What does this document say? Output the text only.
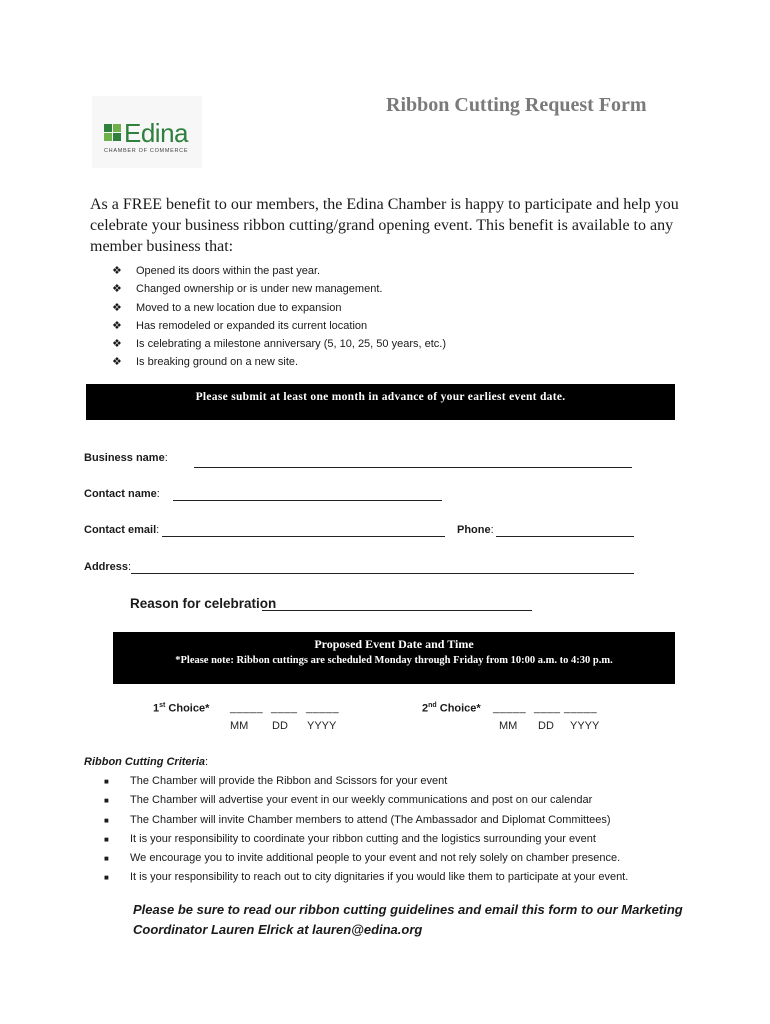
Edina
CHAMBER OF COMMERCE
Ribbon Cutting Request Form
As a FREE benefit to our members, the Edina Chamber is happy to participate and help you celebrate your business ribbon cutting/grand opening event. This benefit is available to any member business that:
❖	Opened its doors within the past year.
❖	Changed ownership or is under new management.
❖	Moved to a new location due to expansion
❖	Has remodeled or expanded its current location
❖	Is celebrating a milestone anniversary (5, 10, 25, 50 years, etc.)
❖	Is breaking ground on a new site.
Please submit at least one month in advance of your earliest event date.
Business name:
Contact name:
Contact email:	Phone:
Address:
Reason for celebration
Proposed Event Date and Time
*Please note: Ribbon cuttings are scheduled Monday through Friday from 10:00 a.m. to 4:30 p.m.
1st Choice* _____ ____ _____
MM DD YYYY
2nd Choice* _____ ____ _____
MM DD YYYY
Ribbon Cutting Criteria:
■	The Chamber will provide the Ribbon and Scissors for your event
■	The Chamber will advertise your event in our weekly communications and post on our calendar
■	The Chamber will invite Chamber members to attend (The Ambassador and Diplomat Committees)
■	It is your responsibility to coordinate your ribbon cutting and the logistics surrounding your event
■	We encourage you to invite additional people to your event and not rely solely on chamber presence.
■	It is your responsibility to reach out to city dignitaries if you would like them to participate at your event.
Please be sure to read our ribbon cutting guidelines and email this form to our Marketing Coordinator Lauren Elrick at lauren@edina.org
